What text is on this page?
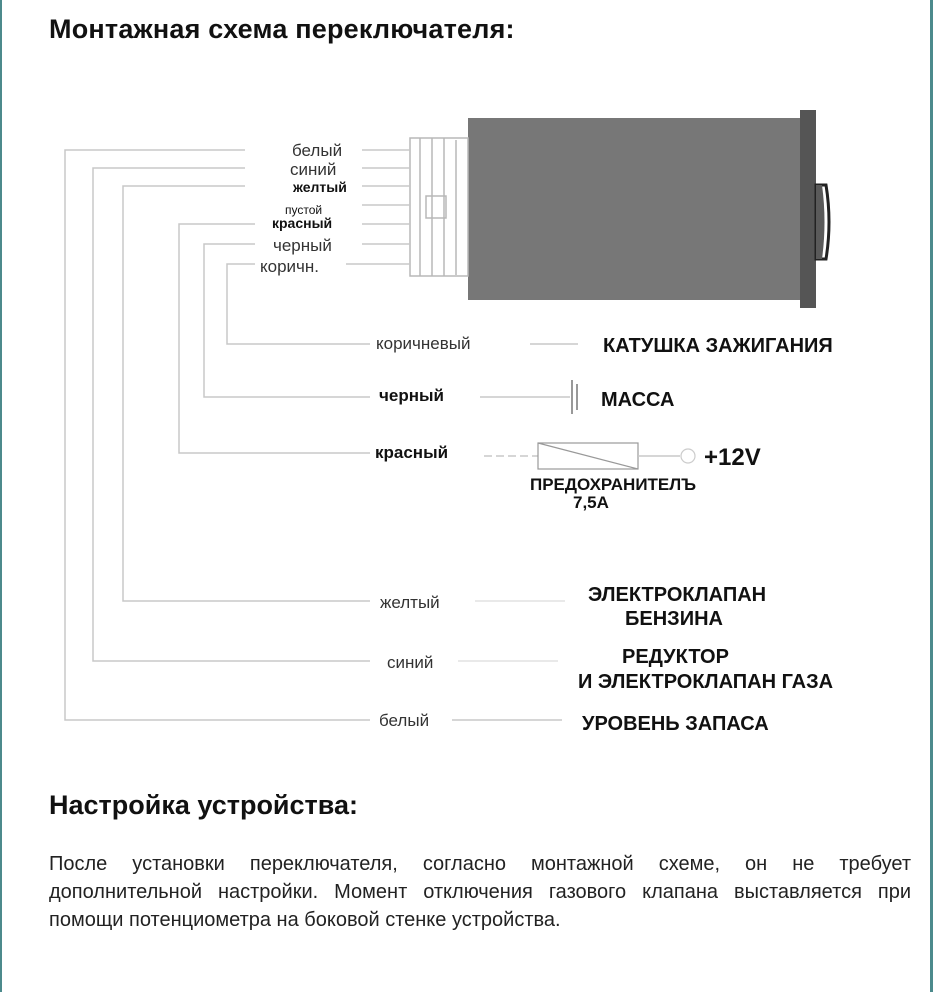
Монтажная схема переключателя:
белый
синий
желтый
пустой
красный
черный
коричн.
коричневый	КАТУШКА ЗАЖИГАНИЯ
черный	МАССА
красный	+12V
ПРЕДОХРАНИТЕЛЪ
7,5А
желтый	ЭЛЕКТРОКЛАПАН
БЕНЗИНА
синий	РЕДУКТОР
И ЭЛЕКТРОКЛАПАН ГАЗА
белый	УРОВЕНЬ ЗАПАСА
Настройка устройства:

После установки переключателя, согласно монтажной схеме, он не требует дополнительной настройки. Момент отключения газового клапана выставляется при помощи потенциометра на боковой стенке устройства.
